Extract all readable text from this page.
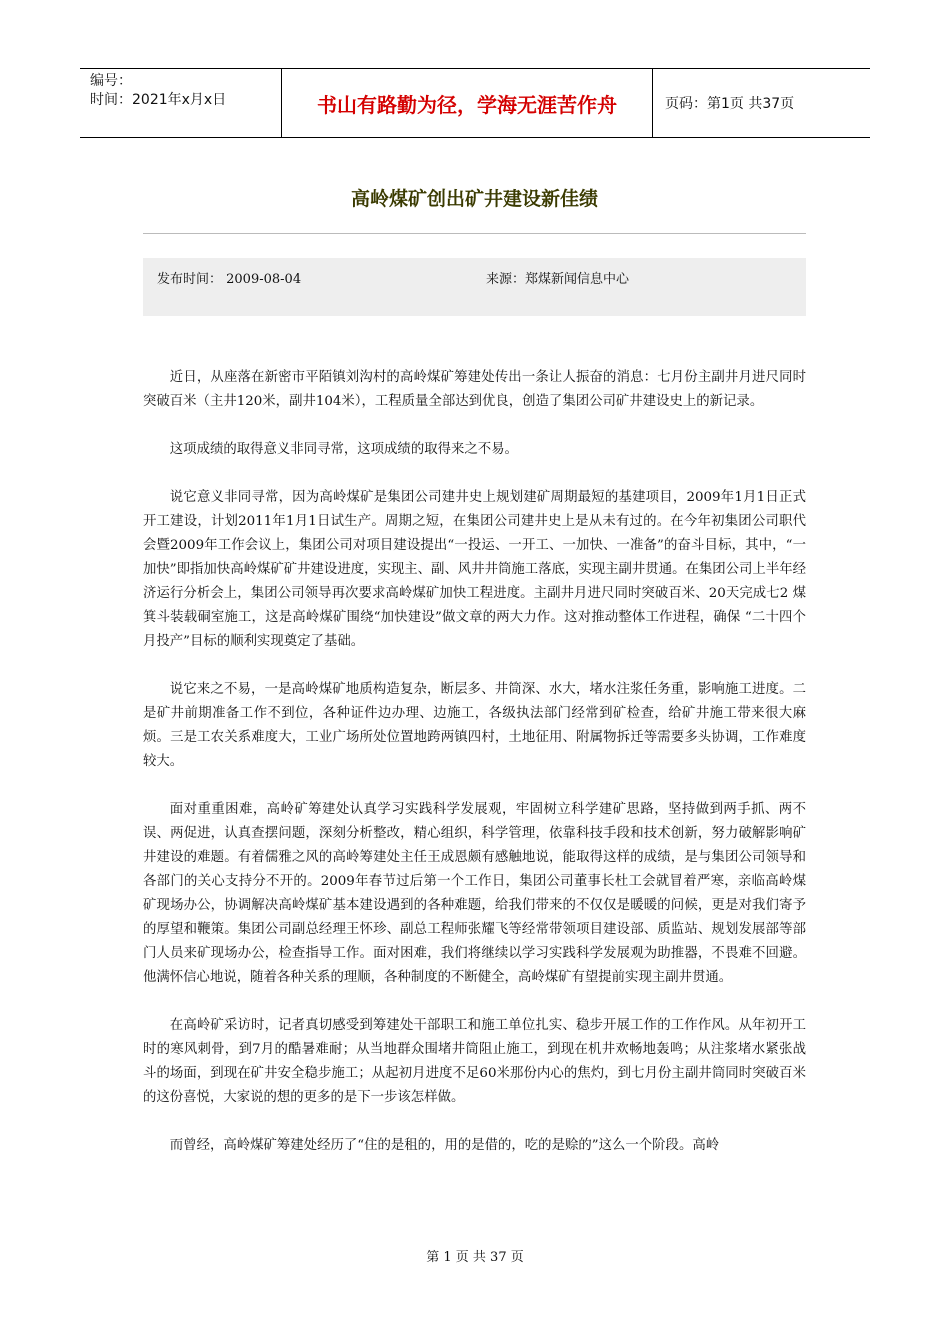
编号：
时间：2021年x月x日	书山有路勤为径，学海无涯苦作舟	页码：第1页 共37页
高岭煤矿创出矿井建设新佳绩
发布时间： 2009-08-04	来源：郑煤新闻信息中心

近日，从座落在新密市平陌镇刘沟村的高岭煤矿筹建处传出一条让人振奋的消息：七月份主副井月进尺同时突破百米（主井120米，副井104米），工程质量全部达到优良，创造了集团公司矿井建设史上的新记录。

这项成绩的取得意义非同寻常，这项成绩的取得来之不易。

说它意义非同寻常，因为高岭煤矿是集团公司建井史上规划建矿周期最短的基建项目，2009年1月1日正式开工建设，计划2011年1月1日试生产。周期之短，在集团公司建井史上是从未有过的。在今年初集团公司职代会暨2009年工作会议上，集团公司对项目建设提出“一投运、一开工、一加快、一准备”的奋斗目标，其中，“一加快”即指加快高岭煤矿矿井建设进度，实现主、副、风井井筒施工落底，实现主副井贯通。在集团公司上半年经济运行分析会上，集团公司领导再次要求高岭煤矿加快工程进度。主副井月进尺同时突破百米、20天完成七2 煤箕斗装载硐室施工，这是高岭煤矿围绕“加快建设”做文章的两大力作。这对推动整体工作进程，确保 “二十四个月投产”目标的顺利实现奠定了基础。

说它来之不易，一是高岭煤矿地质构造复杂，断层多、井筒深、水大，堵水注浆任务重，影响施工进度。二是矿井前期准备工作不到位，各种证件边办理、边施工，各级执法部门经常到矿检查，给矿井施工带来很大麻烦。三是工农关系难度大，工业广场所处位置地跨两镇四村，土地征用、附属物拆迁等需要多头协调，工作难度较大。

面对重重困难，高岭矿筹建处认真学习实践科学发展观，牢固树立科学建矿思路，坚持做到两手抓、两不误、两促进，认真查摆问题，深刻分析整改，精心组织，科学管理，依靠科技手段和技术创新，努力破解影响矿井建设的难题。有着儒雅之风的高岭筹建处主任王成恩颇有感触地说，能取得这样的成绩，是与集团公司领导和各部门的关心支持分不开的。2009年春节过后第一个工作日，集团公司董事长杜工会就冒着严寒，亲临高岭煤矿现场办公，协调解决高岭煤矿基本建设遇到的各种难题，给我们带来的不仅仅是暖暖的问候，更是对我们寄予的厚望和鞭策。集团公司副总经理王怀珍、副总工程师张耀飞等经常带领项目建设部、质监站、规划发展部等部门人员来矿现场办公，检查指导工作。面对困难，我们将继续以学习实践科学发展观为助推器，不畏难不回避。他满怀信心地说，随着各种关系的理顺，各种制度的不断健全，高岭煤矿有望提前实现主副井贯通。

在高岭矿采访时，记者真切感受到筹建处干部职工和施工单位扎实、稳步开展工作的工作作风。从年初开工时的寒风刺骨，到7月的酷暑难耐；从当地群众围堵井筒阻止施工，到现在机井欢畅地轰鸣；从注浆堵水紧张战斗的场面，到现在矿井安全稳步施工；从起初月进度不足60米那份内心的焦灼，到七月份主副井筒同时突破百米的这份喜悦，大家说的想的更多的是下一步该怎样做。

而曾经，高岭煤矿筹建处经历了“住的是租的，用的是借的，吃的是赊的”这么一个阶段。高岭

第 1 页 共 37 页
